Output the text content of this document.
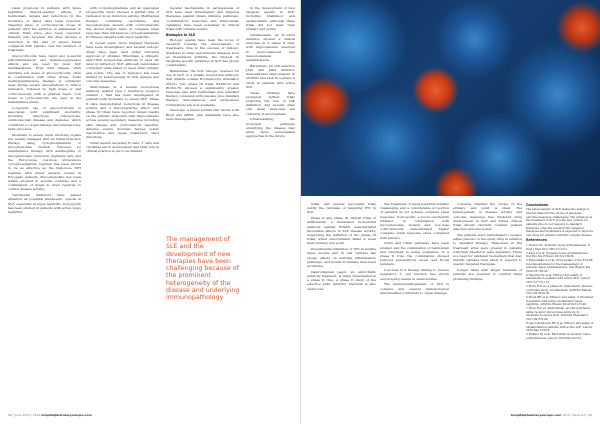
renal prognosis in patients with lupus nephritis. Steroid-sparing effects of belimumab, signals and reductions in the incidence of flares have been reported. Tapering rates of corticosteroid doses in patients with the addition of belimumab in clinical trials have also been reported. Patients who received the drug showed a reduction in the rate of severe flares compared with placebo over the duration of treatment.

Glucocorticoids have rapid and powerful anti-inflammatory and immunosuppressive effects and are used for most SLE manifestations. Even mild disease often warrants low doses of glucocorticoids, often in combination with other drugs. Pulse methylprednisolone therapy is commonly used during severe exacerbations to induce remission, followed by high doses of oral corticosteroids with a gradual taper. Low doses of corticosteroids are used in the maintenance phase.

Long-term use of glucocorticoids is associated with significant morbidity, including infections, osteoporosis, cardiovascular disease and diabetes, which contribute to organ damage and adverse long-term outcomes.

Moderate to severe lupus involving organs are usually managed with an initial induction therapy using cyclophosphamide or mycophenolate mofetil, followed by maintenance therapy with azathioprine or mycophenolate. Induction regimens vary and the Euro-Lupus low-dose intravenous cyclophosphamide regimen has been shown to be as effective as the high-dose NIH regimen with fewer adverse events in European patients. Mycophenolate has been widely adopted in several countries and a combination of drugs is often required to control disease activity.

Calcineurin inhibitors have gained attention as potential therapeutic options in SLE, especially in lupus nephritis. Voclosporin has been studied in patients with active lupus nephritis.

with cyclophosphamide, and an open-label prospective study showed a similar rate of remission in an induction setting. Multitarget therapy combining tacrolimus and mycophenolate mofetil with corticosteroids has shown higher rates of complete renal response than intravenous cyclophosphamide in Chinese patients with lupus nephritis.

In recent years, more targeted therapies have been investigated, and several biologic drugs have been used either following approval or off-label. Rituximab, a chimeric anti-CD20 monoclonal antibody, is used off-label in refractory SLE although randomised controlled trials failed to meet their primary end points. The use of biologics has been limited by heterogeneity in trial designs and outcome measures.

Anifrolumab is a human monoclonal antibody against type I interferon receptor subunit 1 that has been investigated in patients with moderate to severe SLE. Phase II data demonstrated reductions in disease activity and a steroid-sparing effect, and phase III trials have reported mixed results on the primary endpoints with improvements across several secondary measures including skin disease and corticosteroid tapering. Adverse events included herpes zoster reactivation and upper respiratory tract infections.

Other agents targeting B cells, T cells and cytokines are in development and their role in clinical practice is yet to be defined.

Several mechanisms in pathogenesis of SLE have been investigated, and targeted therapies against innate immune pathways, co-stimulatory molecules and intracellular signalling have been evaluated in clinical trials with variable results.

Biologics in SLE

Biologic agents have been the focus of research towards the development of treatments. Due to the success of biologic therapies in other autoimmune diseases such as rheumatoid arthritis, the interest in targeting specific pathways in SLE has grown considerably.

Belimumab, the first biologic licensed for use in SLE, is a human monoclonal antibody that inhibits soluble B-lymphocyte stimulator (BLyS). Two phase III trials, BLISS-52 and BLISS-76, showed a significantly greater response rate with belimumab plus standard therapy compared with placebo plus standard therapy. Subcutaneous and intravenous formulations are now available.

Atacicept, a fusion protein that blocks both BLyS and APRIL, and tabalumab have also been investigated.

The management of SLE and the development of new therapies have been challenging because of the prominent heterogeneity of the disease and underlying immunopathology

in the development of new targeted agents in SLE, including blisibimod and epratuzumab, although these trials did not meet their primary end points.

Ustekinumab, an IL-12/23 inhibitor, showed a clinical response in a phase II trial, with improvements observed in mucocutaneous and musculoskeletal manifestations.

Baricitinib, an oral selective JAK1 and JAK2 inhibitor, demonstrated improvement in arthritis and rash in a phase II study in patients with active SLE.

These findings have prompted further trials exploring the role of JAK inhibition, and several other oral small molecules are currently in development.

Understanding the molecular pathways underlying the disease may allow more personalised approaches in the future.

trials, and several successful trials justify the rationale of targeting IFN in SLE.

Phase II and phase III clinical trials of anifrolumab, a humanised monoclonal antibody against IFNAR, demonstrated favourable effects in SLE disease activity, supporting the initiation of two phase III trials, which unfortunately failed to meet their primary end point.

Experimental inhibition of IFN in murine lupus models and in cell cultures has shown effects on multiple inflammatory pathways, and results in humans have been promising.

Dapirolizumab pegol, an anti-CD40L antibody fragment, is being investigated in a phase II trial. A phase II study of the selective JAK1 inhibitor filgotinib is also under way.

The treatment of lupus nephritis remains challenging and a considerable proportion of patients do not achieve complete renal response. Voclosporin, a novel calcineurin inhibitor, in combination with mycophenolate mofetil and low-dose corticosteroids demonstrated higher complete renal response rates compared with placebo.

CD20 and CD40 pathways have been studied, and the combination of belimumab and rituximab is being evaluated. In a phase II trial, the combination showed reduced autoantibody levels and B-cell numbers.

Low-dose IL-2 therapy aiming to restore regulatory T cell function has shown encouraging results in small studies.

The immunopathogenesis of SLE is complex and several immunological abnormalities contribute to organ damage.

concerns whether the choice of the primary end point is ideal. The heterogeneity of disease activity and outcome measures has hindered drug development in SLE and future clinical trials should carefully consider patient selection and end points.

The patients were randomised to receive either placebo or the study drug in addition to standard therapy. Responses in the treatment arms were greater in patients with high interferon gene signature. There is a need for validated biomarkers that may identify patients most likely to respond to specific targeted therapies.

Longer trials with larger numbers of patients are required to confirm these promising findings.

Conclusions

The heterogeneity of SLE makes the design of clinical trials and the choice of adequate outcome measures challenging. The advances in the treatment of SLE provide new options for patients who do not respond to standard therapies. Ongoing research into targeted therapies and biomarkers is expected to improve outcomes for patients with this complex disease.

References
1 Tsokos GC. Systemic lupus erythematosus. N Engl J Med 2011;365:2110-21.
2 Kaul A et al. Systemic lupus erythematosus. Nat Rev Dis Primers 2016;2:16039.
3 Fanouriakis A et al. 2019 update of the EULAR recommendations for the management of systemic lupus erythematosus. Ann Rheum Dis 2019;78:736-45.
4 Navarra SV et al. Efficacy and safety of belimumab in patients with active SLE. Lancet 2011;377:721-31.
5 Furie R et al. A phase III, randomized, placebo-controlled study of belimumab. Arthritis Rheum 2011;63:3918-30.
6 Rovin BH et al. Efficacy and safety of rituximab in patients with active proliferative lupus nephritis. Arthritis Rheum 2012;64:1215-26.
7 Furie R et al. Anifrolumab, an anti-interferon-alpha receptor monoclonal antibody, in moderate-to-severe SLE. Arthritis Rheumatol 2017;69:376-86.
8 van Vollenhoven RF et al. Efficacy and safety of ustekinumab in patients with active SLE. Lancet 2018;392:1330-9.
9 Wallace DJ et al. Baricitinib in systemic lupus erythematosus. Lancet 2018;392:222-31.
96 | June 2019 | 2019 hospitalpharmacyeurope.com	hospitalpharmacyeurope.com 2019 | Issue 91 | 99
